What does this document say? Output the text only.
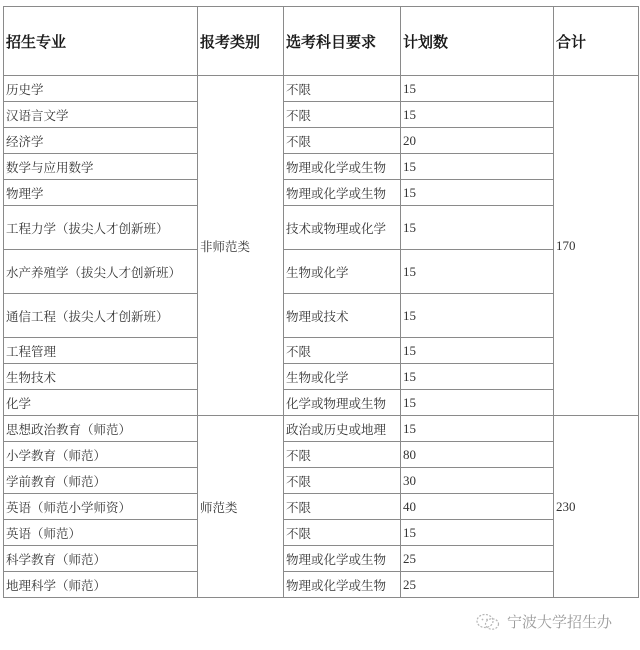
招生专业	报考类别	选考科目要求	计划数	合计
历史学	非师范类	不限	15	170
汉语言文学		不限	15	
经济学		不限	20	
数学与应用数学		物理或化学或生物	15	
物理学		物理或化学或生物	15	
工程力学（拔尖人才创新班）		技术或物理或化学	15	
水产养殖学（拔尖人才创新班）		生物或化学	15	
通信工程（拔尖人才创新班）		物理或技术	15	
工程管理		不限	15	
生物技术		生物或化学	15	
化学		化学或物理或生物	15	
思想政治教育（师范）	师范类	政治或历史或地理	15	230
小学教育（师范）		不限	80	
学前教育（师范）		不限	30	
英语（师范小学师资）		不限	40	
英语（师范）		不限	15	
科学教育（师范）		物理或化学或生物	25	
地理科学（师范）		物理或化学或生物	25	
宁波大学招生办
